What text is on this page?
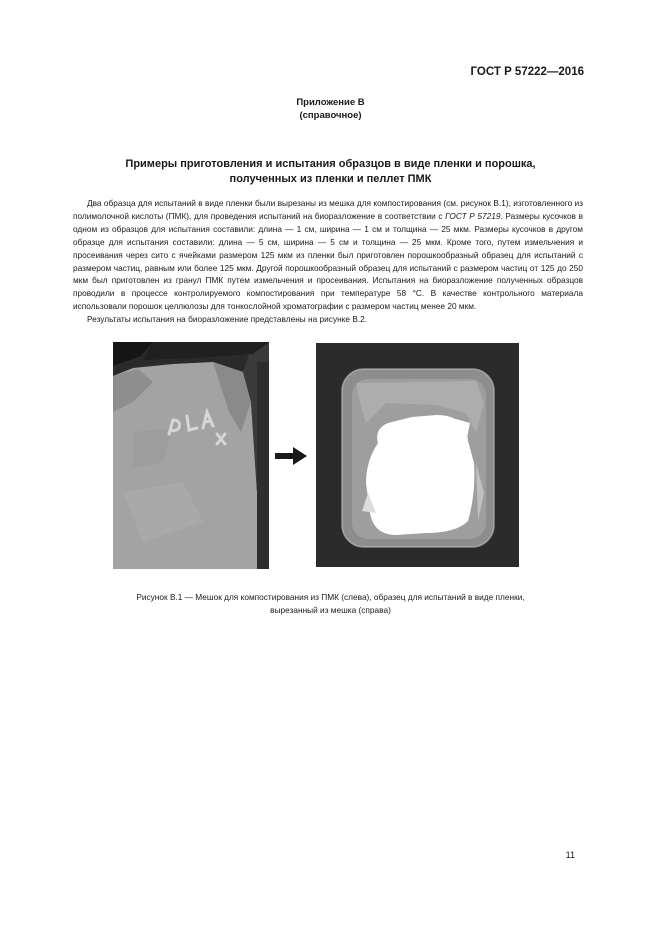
ГОСТ Р 57222—2016
Приложение В
(справочное)
Примеры приготовления и испытания образцов в виде пленки и порошка,
полученных из пленки и пеллет ПМК

Два образца для испытаний в виде пленки были вырезаны из мешка для компостирования (см. рисунок В.1), изготовленного из полимолочной кислоты (ПМК), для проведения испытаний на биоразложение в соответствии с ГОСТ Р 57219. Размеры кусочков в одном из образцов для испытания составили: длина — 1 см, ширина — 1 см и толщина — 25 мкм. Размеры кусочков в другом образце для испытания составили: длина — 5 см, ширина — 5 см и толщина — 25 мкм. Кроме того, путем измельчения и просеивания через сито с ячейками размером 125 мкм из пленки был приготовлен порошкообразный образец для испытаний с размером частиц, равным или более 125 мкм. Другой порошкообразный образец для испытаний с размером частиц от 125 до 250 мкм был приготовлен из гранул ПМК путем измельчения и просеивания. Испытания на биоразложение полученных образцов проводили в процессе контролируемого компостирования при температуре 58 °С. В качестве контрольного материала использовали порошок целлюлозы для тонкослойной хроматографии с размером частиц менее 20 мкм.

Результаты испытания на биоразложение представлены на рисунке В.2.

Рисунок В.1 — Мешок для компостирования из ПМК (слева), образец для испытаний в виде пленки,
вырезанный из мешка (справа)
11
